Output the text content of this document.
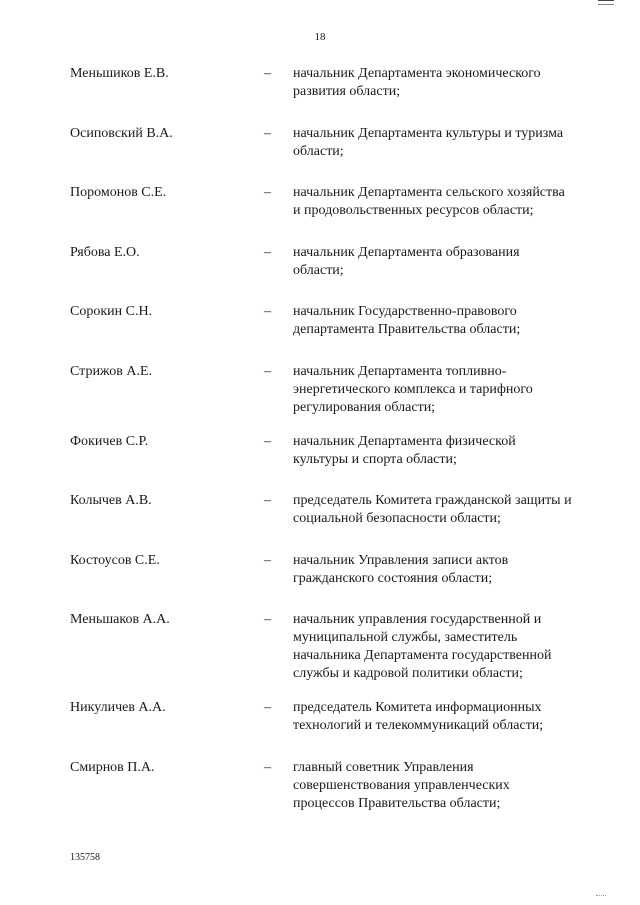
18
Меньшиков Е.В.	– начальник Департамента экономического
развития области;
Осиповский В.А.	– начальник Департамента культуры и туризма
области;
Поромонов С.Е.	– начальник Департамента сельского хозяйства
и продовольственных ресурсов области;
Рябова Е.О.	– начальник Департамента образования
области;
Сорокин С.Н.	– начальник Государственно-правового
департамента Правительства области;
Стрижов А.Е.	– начальник Департамента топливно-
энергетического комплекса и тарифного
регулирования области;
Фокичев С.Р.	– начальник Департамента физической
культуры и спорта области;
Колычев А.В.	– председатель Комитета гражданской защиты и
социальной безопасности области;
Костоусов С.Е.	– начальник Управления записи актов
гражданского состояния области;
Меньшаков А.А.	– начальник управления государственной и
муниципальной службы, заместитель
начальника Департамента государственной
службы и кадровой политики области;
Никуличев А.А.	– председатель Комитета информационных
технологий и телекоммуникаций области;
Смирнов П.А.	– главный советник Управления
совершенствования управленческих
процессов Правительства области;
135758
